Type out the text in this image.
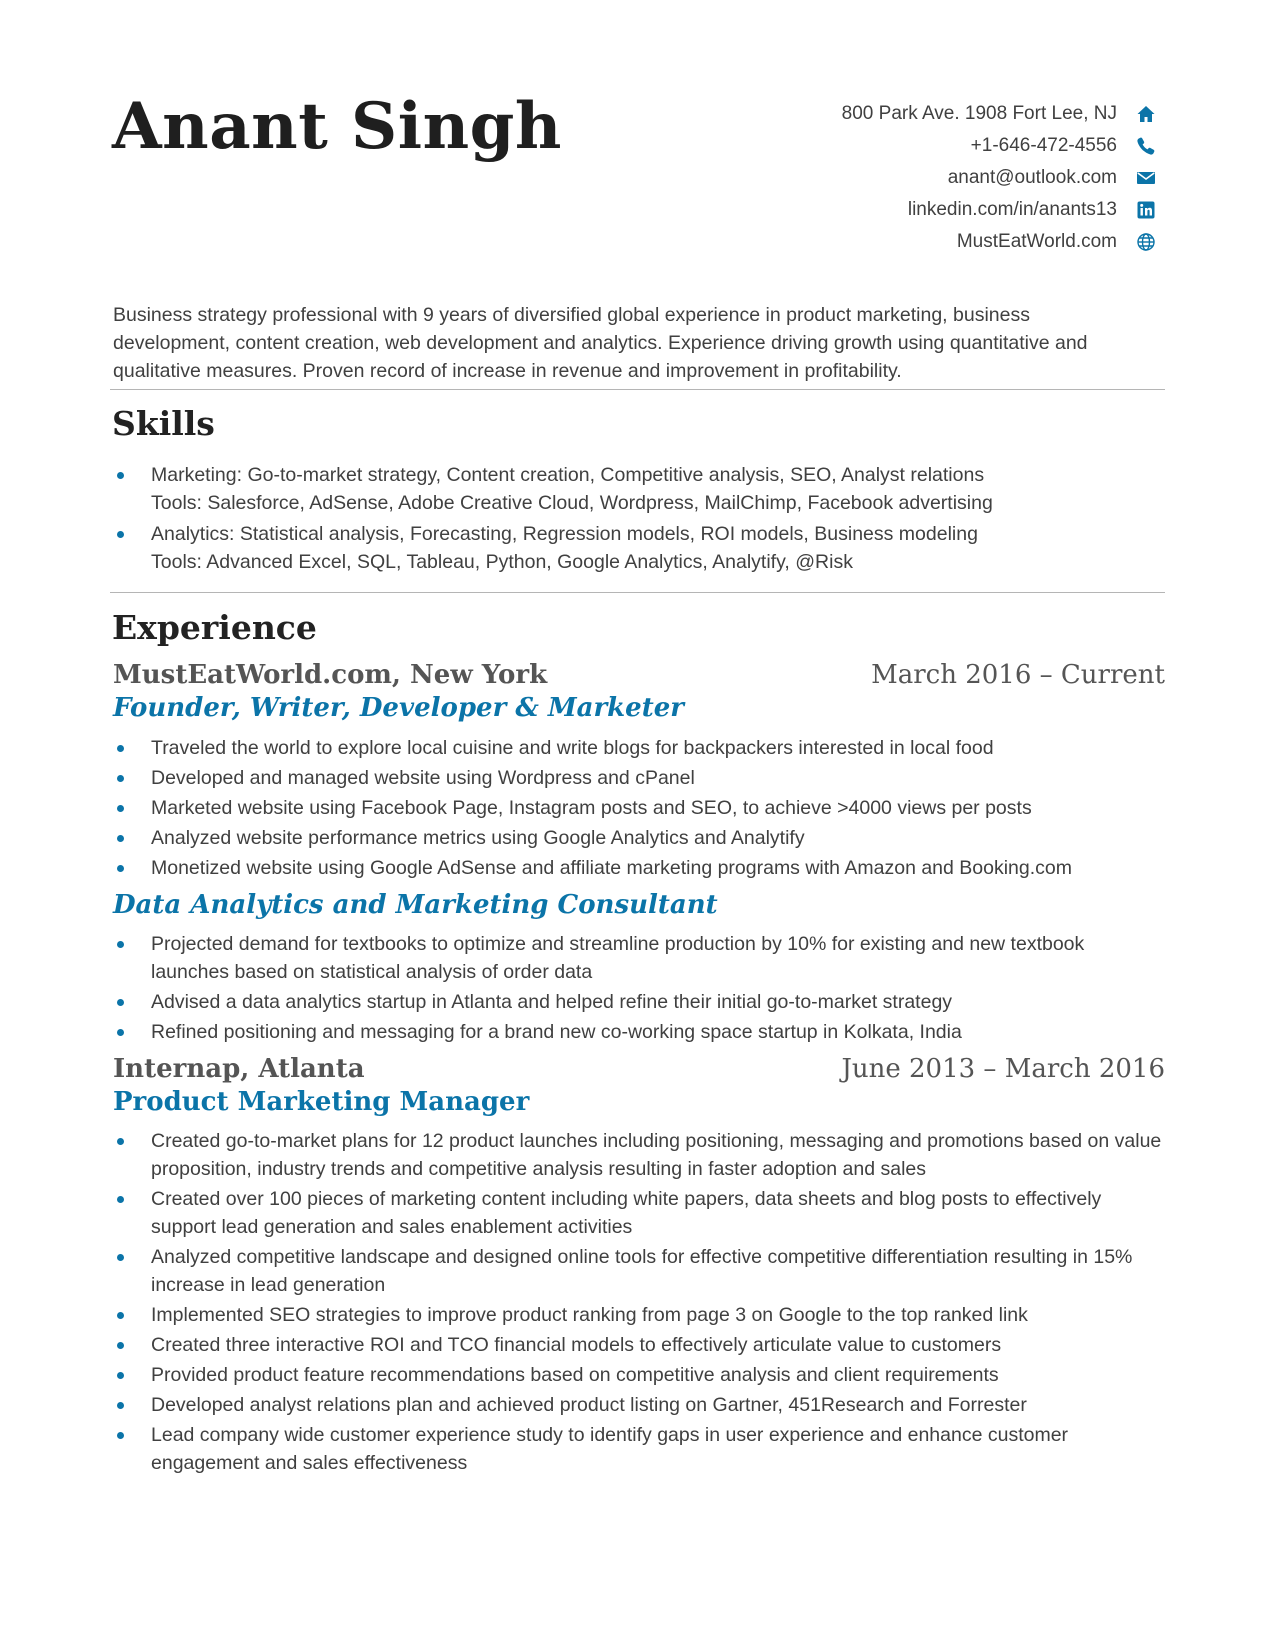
Anant Singh	800 Park Ave. 1908 Fort Lee, NJ
+1-646-472-4556
anant@outlook.com
linkedin.com/in/anants13
MustEatWorld.com

Business strategy professional with 9 years of diversified global experience in product marketing, business development, content creation, web development and analytics. Experience driving growth using quantitative and qualitative measures. Proven record of increase in revenue and improvement in profitability.

Skills
Marketing: Go-to-market strategy, Content creation, Competitive analysis, SEO, Analyst relations
Tools: Salesforce, AdSense, Adobe Creative Cloud, Wordpress, MailChimp, Facebook advertising
Analytics: Statistical analysis, Forecasting, Regression models, ROI models, Business modeling
Tools: Advanced Excel, SQL, Tableau, Python, Google Analytics, Analytify, @Risk
Experience
MustEatWorld.com, New York	March 2016 – Current
Founder, Writer, Developer & Marketer
Traveled the world to explore local cuisine and write blogs for backpackers interested in local food
Developed and managed website using Wordpress and cPanel
Marketed website using Facebook Page, Instagram posts and SEO, to achieve >4000 views per posts
Analyzed website performance metrics using Google Analytics and Analytify
Monetized website using Google AdSense and affiliate marketing programs with Amazon and Booking.com
Data Analytics and Marketing Consultant
Projected demand for textbooks to optimize and streamline production by 10% for existing and new textbook launches based on statistical analysis of order data
Advised a data analytics startup in Atlanta and helped refine their initial go-to-market strategy
Refined positioning and messaging for a brand new co-working space startup in Kolkata, India
Internap, Atlanta	June 2013 – March 2016
Product Marketing Manager
Created go-to-market plans for 12 product launches including positioning, messaging and promotions based on value proposition, industry trends and competitive analysis resulting in faster adoption and sales
Created over 100 pieces of marketing content including white papers, data sheets and blog posts to effectively support lead generation and sales enablement activities
Analyzed competitive landscape and designed online tools for effective competitive differentiation resulting in 15% increase in lead generation
Implemented SEO strategies to improve product ranking from page 3 on Google to the top ranked link
Created three interactive ROI and TCO financial models to effectively articulate value to customers
Provided product feature recommendations based on competitive analysis and client requirements
Developed analyst relations plan and achieved product listing on Gartner, 451Research and Forrester
Lead company wide customer experience study to identify gaps in user experience and enhance customer engagement and sales effectiveness
